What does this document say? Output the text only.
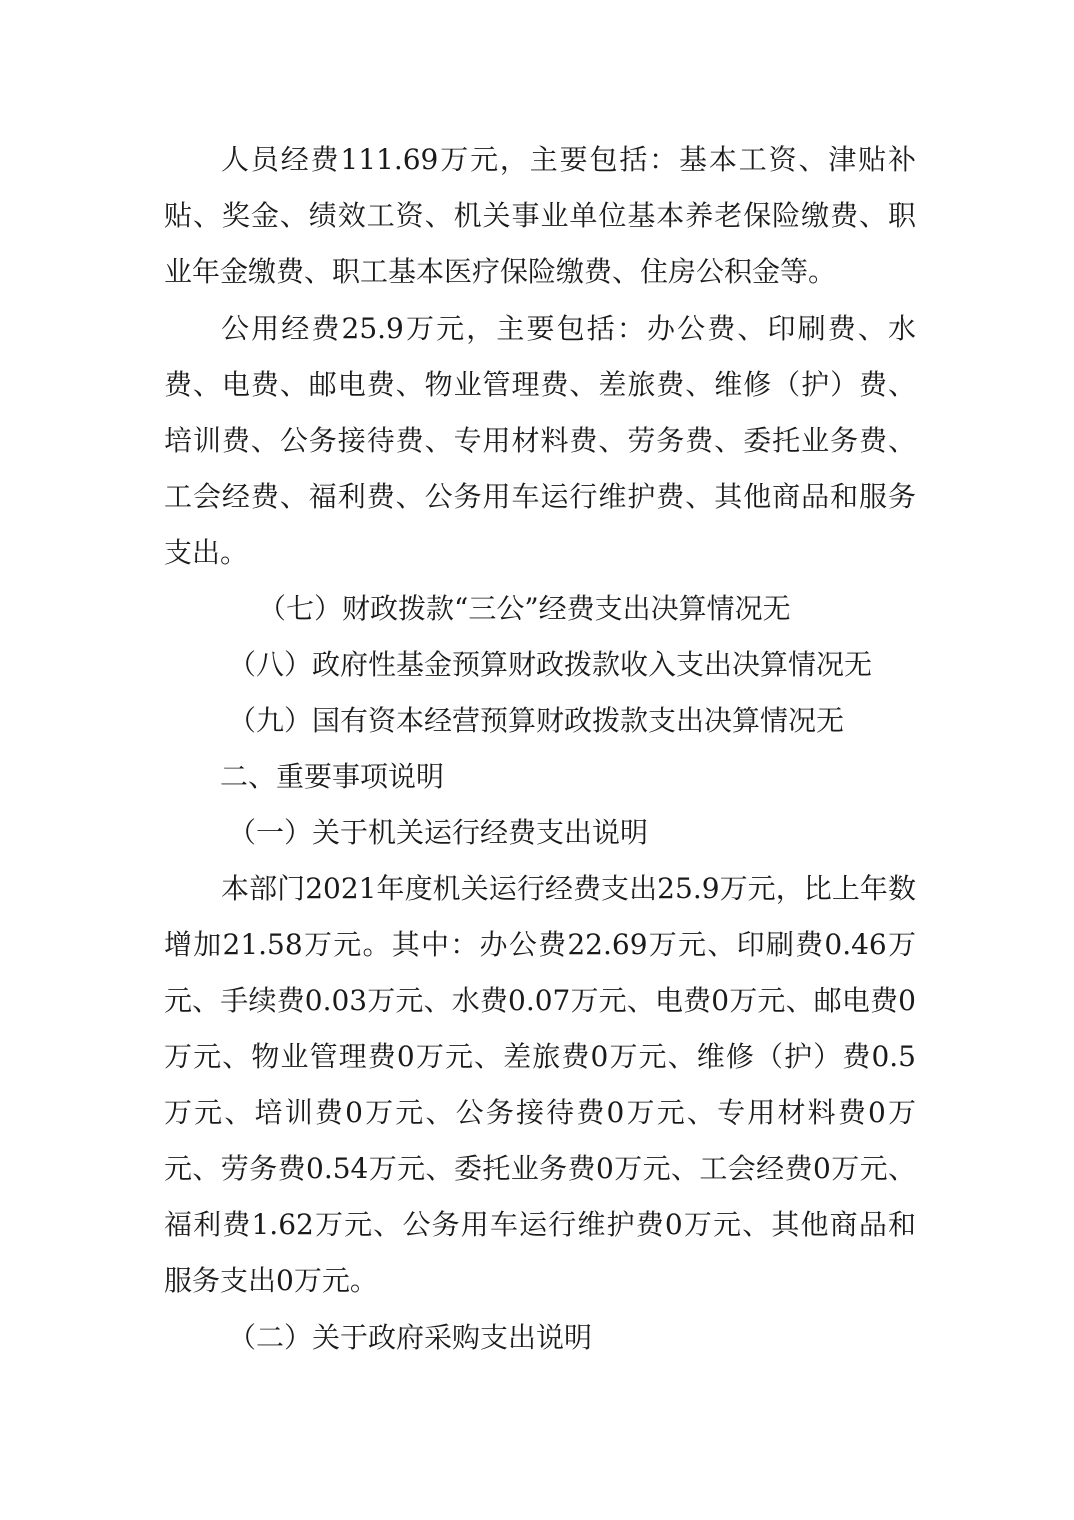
人员经费111.69万元，主要包括：基本工资、津贴补贴、奖金、绩效工资、机关事业单位基本养老保险缴费、职业年金缴费、职工基本医疗保险缴费、住房公积金等。

公用经费25.9万元，主要包括：办公费、印刷费、水费、电费、邮电费、物业管理费、差旅费、维修（护）费、培训费、公务接待费、专用材料费、劳务费、委托业务费、工会经费、福利费、公务用车运行维护费、其他商品和服务支出。

（七）财政拨款“三公”经费支出决算情况无

（八）政府性基金预算财政拨款收入支出决算情况无

（九）国有资本经营预算财政拨款支出决算情况无

二、重要事项说明

（一）关于机关运行经费支出说明

本部门2021年度机关运行经费支出25.9万元，比上年数增加21.58万元。其中：办公费22.69万元、印刷费0.46万元、手续费0.03万元、水费0.07万元、电费0万元、邮电费0万元、物业管理费0万元、差旅费0万元、维修（护）费0.5万元、培训费0万元、公务接待费0万元、专用材料费0万元、劳务费0.54万元、委托业务费0万元、工会经费0万元、福利费1.62万元、公务用车运行维护费0万元、其他商品和服务支出0万元。

（二）关于政府采购支出说明
